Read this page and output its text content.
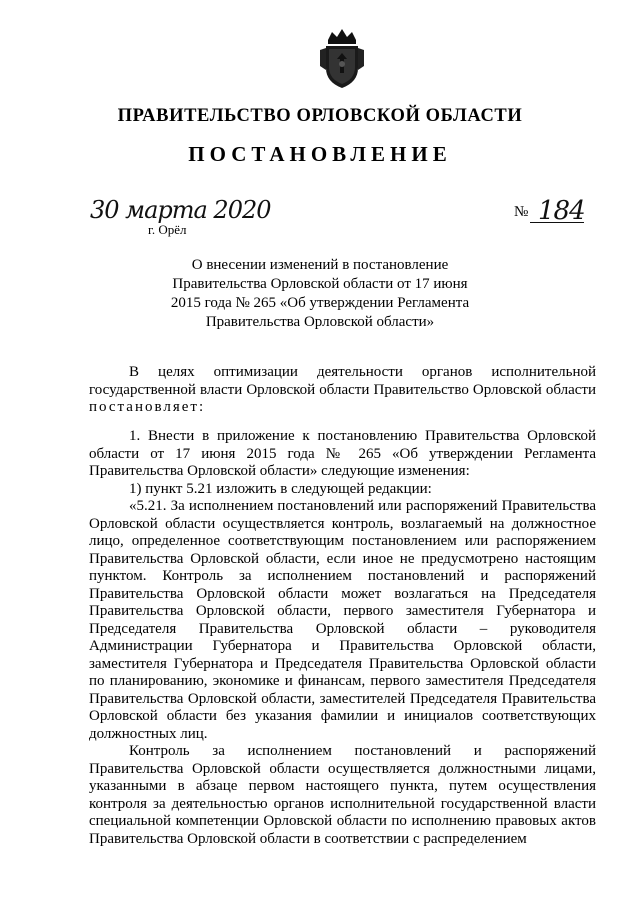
ПРАВИТЕЛЬСТВО ОРЛОВСКОЙ ОБЛАСТИ
ПОСТАНОВЛЕНИЕ
30 марта 2020
г. Орёл
№ 184
О внесении изменений в постановление
Правительства Орловской области от 17 июня
2015 года № 265 «Об утверждении Регламента
Правительства Орловской области»

В целях оптимизации деятельности органов исполнительной государственной власти Орловской области Правительство Орловской области постановляет:

1. Внести в приложение к постановлению Правительства Орловской области от 17 июня 2015 года № 265 «Об утверждении Регламента Правительства Орловской области» следующие изменения:

1) пункт 5.21 изложить в следующей редакции:

«5.21. За исполнением постановлений или распоряжений Правительства Орловской области осуществляется контроль, возлагаемый на должностное лицо, определенное соответствующим постановлением или распоряжением Правительства Орловской области, если иное не предусмотрено настоящим пунктом. Контроль за исполнением постановлений и распоряжений Правительства Орловской области может возлагаться на Председателя Правительства Орловской области, первого заместителя Губернатора и Председателя Правительства Орловской области – руководителя Администрации Губернатора и Правительства Орловской области, заместителя Губернатора и Председателя Правительства Орловской области по планированию, экономике и финансам, первого заместителя Председателя Правительства Орловской области, заместителей Председателя Правительства Орловской области без указания фамилии и инициалов соответствующих должностных лиц.

Контроль за исполнением постановлений и распоряжений Правительства Орловской области осуществляется должностными лицами, указанными в абзаце первом настоящего пункта, путем осуществления контроля за деятельностью органов исполнительной государственной власти специальной компетенции Орловской области по исполнению правовых актов Правительства Орловской области в соответствии с распределением
